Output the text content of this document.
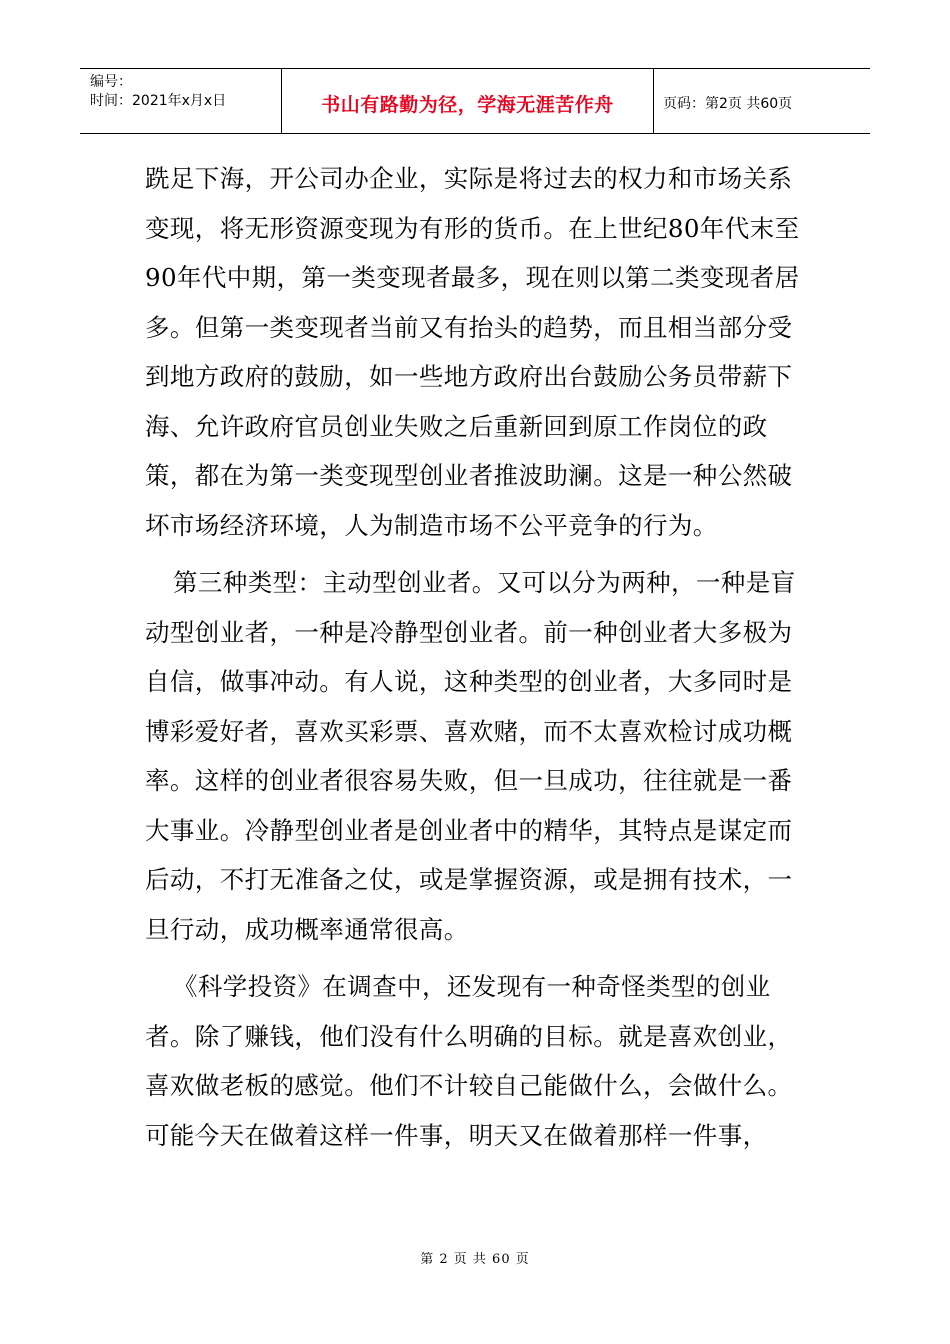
编号：
时间：2021年x月x日	书山有路勤为径，学海无涯苦作舟	页码：第2页 共60页

跣足下海，开公司办企业，实际是将过去的权力和市场关系变现，将无形资源变现为有形的货币。在上世纪80年代末至90年代中期，第一类变现者最多，现在则以第二类变现者居多。但第一类变现者当前又有抬头的趋势，而且相当部分受到地方政府的鼓励，如一些地方政府出台鼓励公务员带薪下海、允许政府官员创业失败之后重新回到原工作岗位的政策，都在为第一类变现型创业者推波助澜。这是一种公然破坏市场经济环境，人为制造市场不公平竞争的行为。

第三种类型：主动型创业者。又可以分为两种，一种是盲动型创业者，一种是冷静型创业者。前一种创业者大多极为自信，做事冲动。有人说，这种类型的创业者，大多同时是博彩爱好者，喜欢买彩票、喜欢赌，而不太喜欢检讨成功概率。这样的创业者很容易失败，但一旦成功，往往就是一番大事业。冷静型创业者是创业者中的精华，其特点是谋定而后动，不打无准备之仗，或是掌握资源，或是拥有技术，一旦行动，成功概率通常很高。

《科学投资》在调查中，还发现有一种奇怪类型的创业者。除了赚钱，他们没有什么明确的目标。就是喜欢创业，喜欢做老板的感觉。他们不计较自己能做什么，会做什么。可能今天在做着这样一件事，明天又在做着那样一件事，

第 2 页 共 60 页
